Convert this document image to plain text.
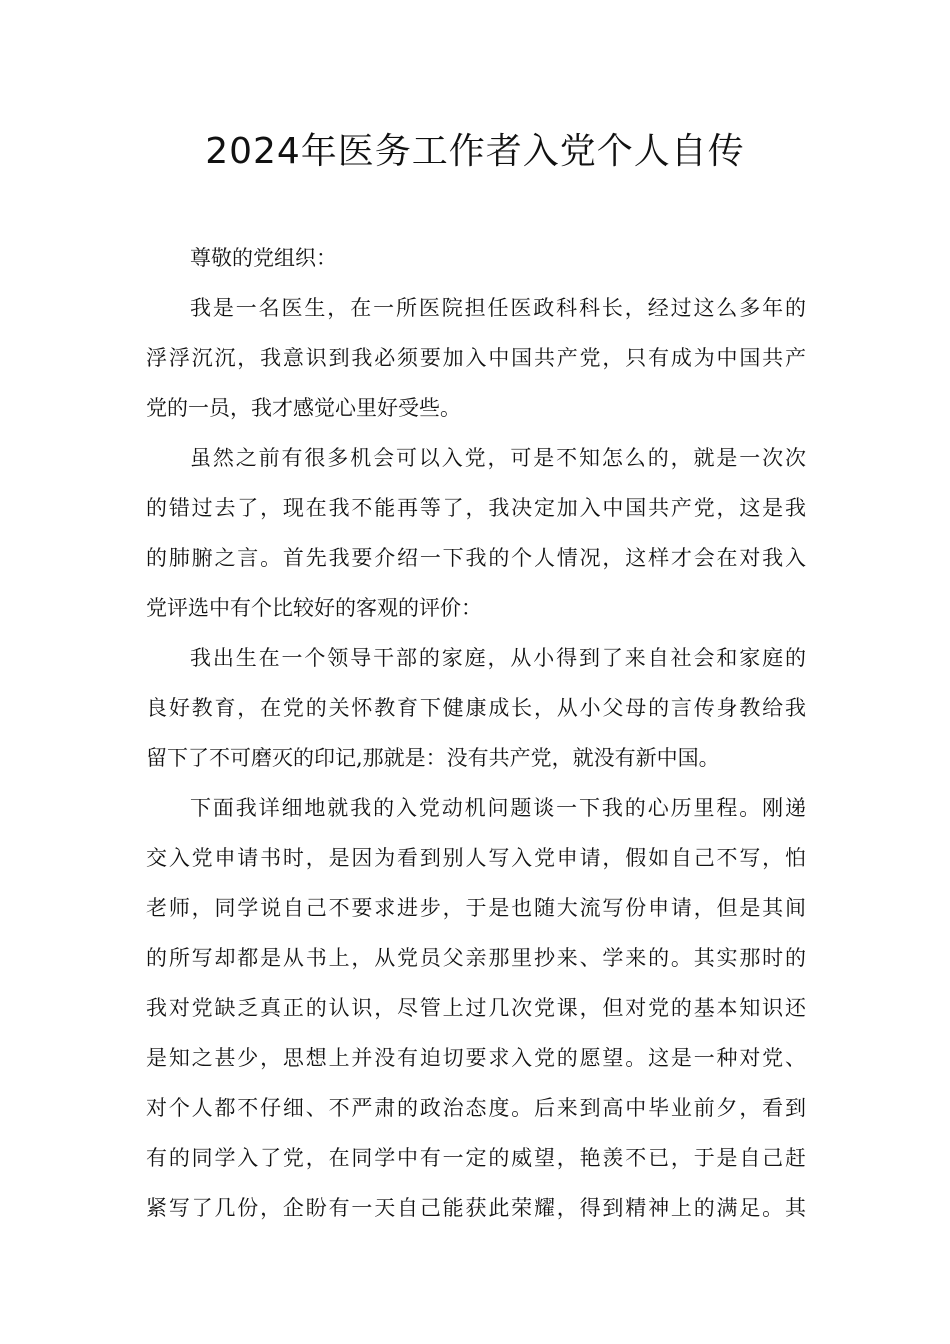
2024年医务工作者入党个人自传
尊敬的党组织：
我是一名医生，在一所医院担任医政科科长，经过这么多年的
浮浮沉沉，我意识到我必须要加入中国共产党，只有成为中国共产
党的一员，我才感觉心里好受些。
虽然之前有很多机会可以入党，可是不知怎么的，就是一次次
的错过去了，现在我不能再等了，我决定加入中国共产党，这是我
的肺腑之言。首先我要介绍一下我的个人情况，这样才会在对我入
党评选中有个比较好的客观的评价：
我出生在一个领导干部的家庭，从小得到了来自社会和家庭的
良好教育，在党的关怀教育下健康成长，从小父母的言传身教给我
留下了不可磨灭的印记,那就是：没有共产党，就没有新中国。
下面我详细地就我的入党动机问题谈一下我的心历里程。刚递
交入党申请书时，是因为看到别人写入党申请，假如自己不写，怕
老师，同学说自己不要求进步，于是也随大流写份申请，但是其间
的所写却都是从书上，从党员父亲那里抄来、学来的。其实那时的
我对党缺乏真正的认识，尽管上过几次党课，但对党的基本知识还
是知之甚少，思想上并没有迫切要求入党的愿望。这是一种对党、
对个人都不仔细、不严肃的政治态度。后来到高中毕业前夕，看到
有的同学入了党，在同学中有一定的威望，艳羡不已，于是自己赶
紧写了几份，企盼有一天自己能获此荣耀，得到精神上的满足。其
